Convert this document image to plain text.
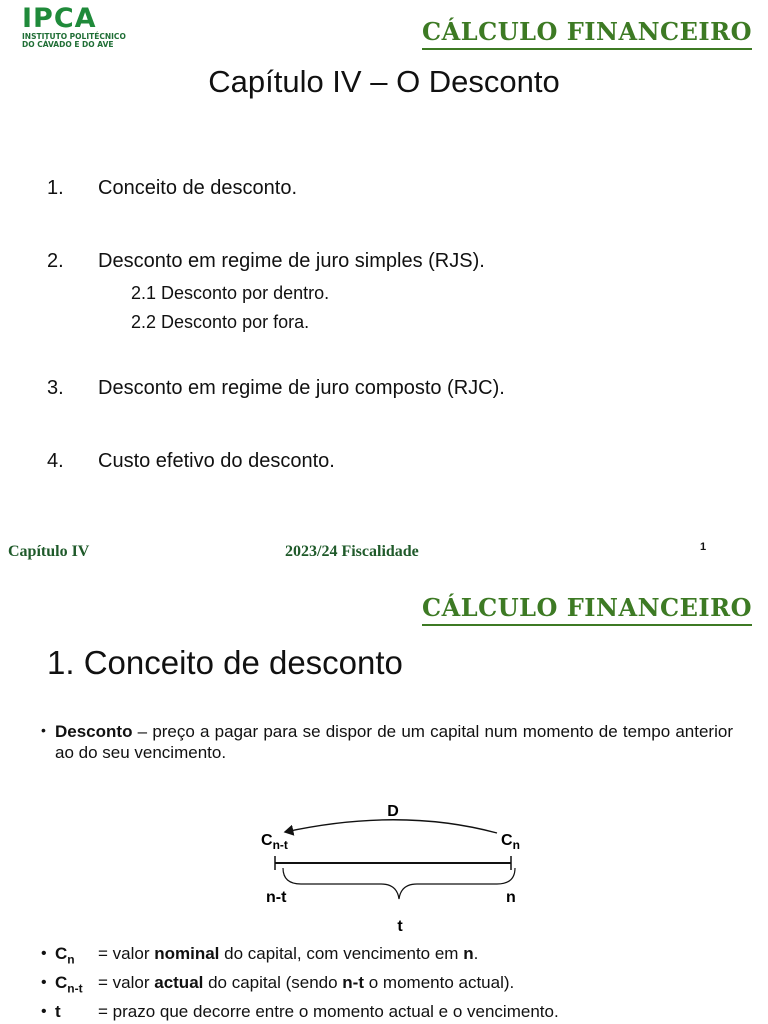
IPCA
INSTITUTO POLITÉCNICO
DO CÁVADO E DO AVE	CÁLCULO FINANCEIRO
Capítulo IV – O Desconto
1. Conceito de desconto.
2. Desconto em regime de juro simples (RJS).
2.1 Desconto por dentro.
2.2 Desconto por fora.
3. Desconto em regime de juro composto (RJC).
4. Custo efetivo do desconto.
Capítulo IV	2023/24 Fiscalidade	1
CÁLCULO FINANCEIRO
1. Conceito de desconto
• Desconto – preço a pagar para se dispor de um capital num momento de tempo anterior ao do seu vencimento.
D
$C_{n-t}$	$C_n$
n-t	n
t
• $C_n$ = valor nominal do capital, com vencimento em n.
• $C_{n-t}$ = valor actual do capital (sendo n-t o momento actual).
• t = prazo que decorre entre o momento actual e o vencimento.
